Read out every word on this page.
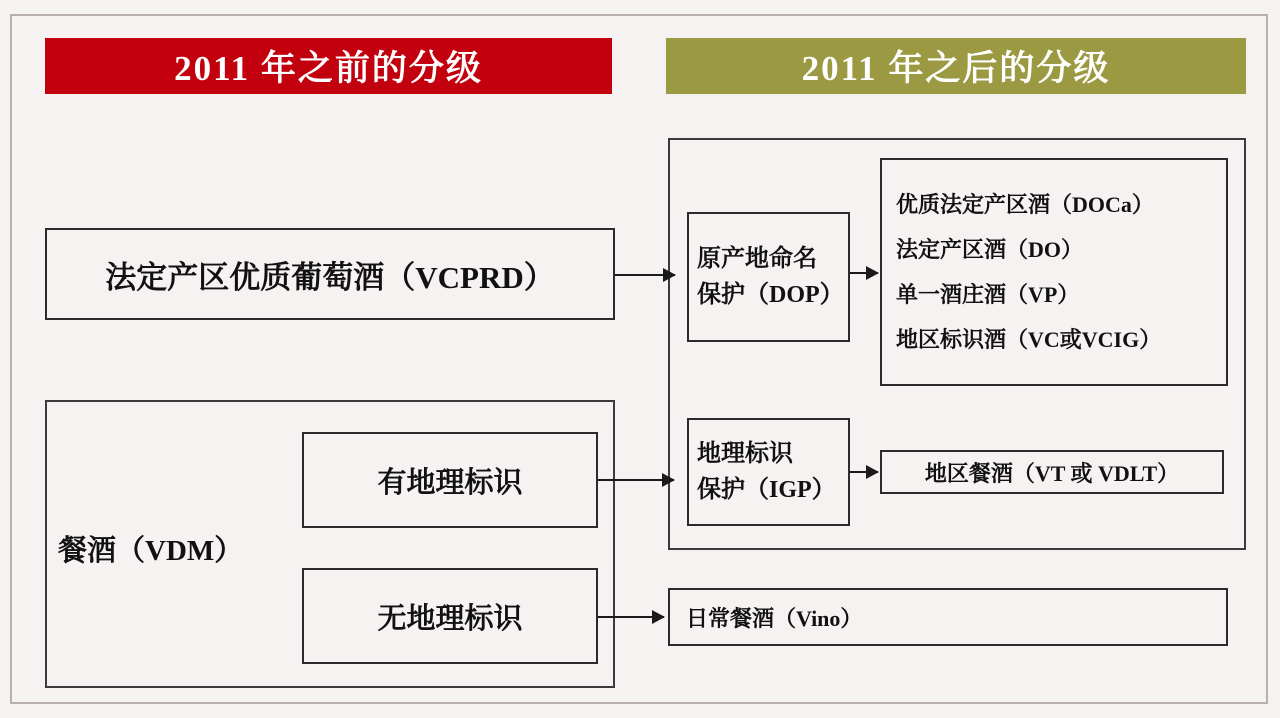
2011 年之前的分级	2011 年之后的分级
法定产区优质葡萄酒（VCPRD）
餐酒（VDM）
有地理标识
无地理标识
原产地命名
保护（DOP）
优质法定产区酒（DOCa）
法定产区酒（DO）
单一酒庄酒（VP）
地区标识酒（VC或VCIG）
地理标识
保护（IGP）
地区餐酒（VT 或 VDLT）
日常餐酒（Vino）
